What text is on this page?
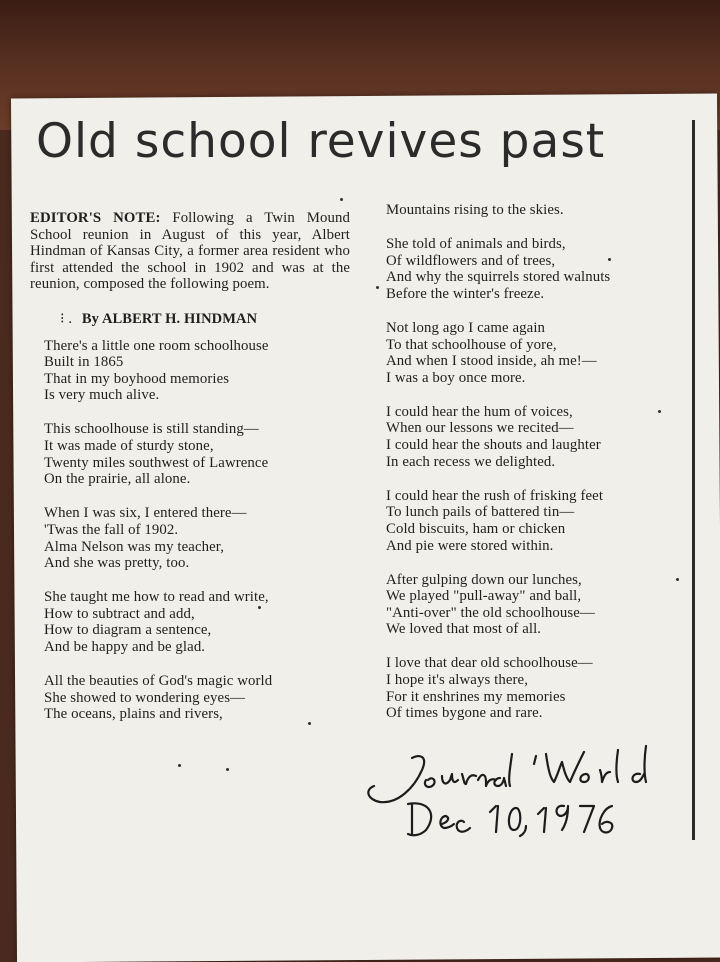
Old school revives past

EDITOR'S NOTE: Following a Twin Mound School reunion in August of this year, Albert Hindman of Kansas City, a former area resident who first attended the school in 1902 and was at the reunion, composed the following poem.

⁝ . By ALBERT H. HINDMAN
There's a little one room schoolhouse
Built in 1865
That in my boyhood memories
Is very much alive.
This schoolhouse is still standing—
It was made of sturdy stone,
Twenty miles southwest of Lawrence
On the prairie, all alone.
When I was six, I entered there—
'Twas the fall of 1902.
Alma Nelson was my teacher,
And she was pretty, too.
She taught me how to read and write,
How to subtract and add,
How to diagram a sentence,
And be happy and be glad.
All the beauties of God's magic world
She showed to wondering eyes—
The oceans, plains and rivers,
Mountains rising to the skies.
She told of animals and birds,
Of wildflowers and of trees,
And why the squirrels stored walnuts
Before the winter's freeze.
Not long ago I came again
To that schoolhouse of yore,
And when I stood inside, ah me!—
I was a boy once more.
I could hear the hum of voices,
When our lessons we recited—
I could hear the shouts and laughter
In each recess we delighted.
I could hear the rush of frisking feet
To lunch pails of battered tin—
Cold biscuits, ham or chicken
And pie were stored within.
After gulping down our lunches,
We played "pull-away" and ball,
"Anti-over" the old schoolhouse—
We loved that most of all.
I love that dear old schoolhouse—
I hope it's always there,
For it enshrines my memories
Of times bygone and rare.
